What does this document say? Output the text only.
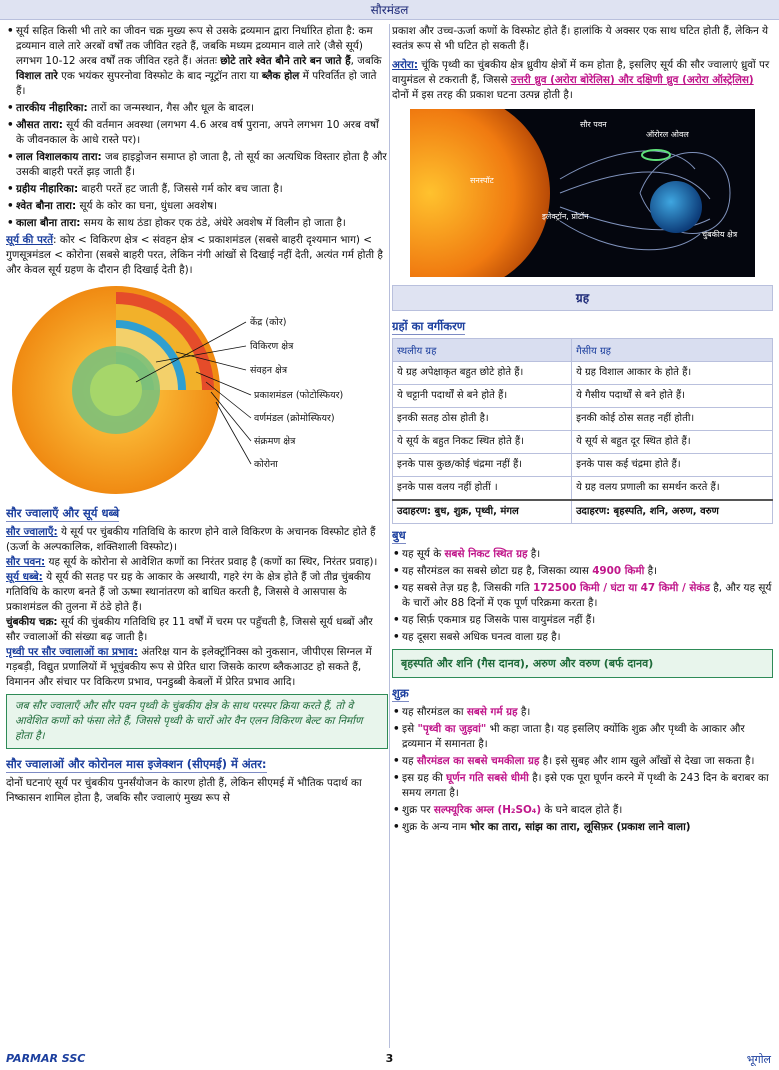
सौरमंडल
• सूर्य सहित किसी भी तारे का जीवन चक्र मुख्य रूप से उसके द्रव्यमान द्वारा निर्धारित होता है: कम द्रव्यमान वाले तारे अरबों वर्षों तक जीवित रहते हैं, जबकि मध्यम द्रव्यमान वाले तारे (जैसे सूर्य) लगभग 10-12 अरब वर्षों तक जीवित रहते हैं। अंततः छोटे तारे श्वेत बौने तारे बन जाते हैं, जबकि विशाल तारे एक भयंकर सुपरनोवा विस्फोट के बाद न्यूट्रॉन तारा या ब्लैक होल में परिवर्तित हो जाते हैं।
• तारकीय नीहारिका: तारों का जन्मस्थान, गैस और धूल के बादल।
• औसत तारा: सूर्य की वर्तमान अवस्था (लगभग 4.6 अरब वर्ष पुराना, अपने लगभग 10 अरब वर्षों के जीवनकाल के आधे रास्ते पर)।
• लाल विशालकाय तारा: जब हाइड्रोजन समाप्त हो जाता है, तो सूर्य का अत्यधिक विस्तार होता है और उसकी बाहरी परतें झड़ जाती हैं।
• ग्रहीय नीहारिका: बाहरी परतें हट जाती हैं, जिससे गर्म कोर बच जाता है।
• श्वेत बौना तारा: सूर्य के कोर का घना, धुंधला अवशेष।
• काला बौना तारा: समय के साथ ठंडा होकर एक ठंडे, अंधेरे अवशेष में विलीन हो जाता है।

सूर्य की परतें: कोर < विकिरण क्षेत्र < संवहन क्षेत्र < प्रकाशमंडल (सबसे बाहरी दृश्यमान भाग) < गुणसूत्रमंडल < कोरोना (सबसे बाहरी परत, लेकिन नंगी आंखों से दिखाई नहीं देती, अत्यंत गर्म होती है और केवल सूर्य ग्रहण के दौरान ही दिखाई देती है)।

केंद्र (कोर)
विकिरण क्षेत्र
संवहन क्षेत्र
प्रकाशमंडल (फोटोस्फियर)
वर्णमंडल (क्रोमोस्फियर)
संक्रमण क्षेत्र
कोरोना
सौर ज्वालाएँ और सूर्य धब्बे

सौर ज्वालाएँ: ये सूर्य पर चुंबकीय गतिविधि के कारण होने वाले विकिरण के अचानक विस्फोट होते हैं (ऊर्जा के अल्पकालिक, शक्तिशाली विस्फोट)।

सौर पवन: यह सूर्य के कोरोना से आवेशित कणों का निरंतर प्रवाह है (कणों का स्थिर, निरंतर प्रवाह)।

सूर्य धब्बे: ये सूर्य की सतह पर ग्रह के आकार के अस्थायी, गहरे रंग के क्षेत्र होते हैं जो तीव्र चुंबकीय गतिविधि के कारण बनते हैं जो ऊष्मा स्थानांतरण को बाधित करती है, जिससे वे आसपास के प्रकाशमंडल की तुलना में ठंडे होते हैं।

चुंबकीय चक्र: सूर्य की चुंबकीय गतिविधि हर 11 वर्षों में चरम पर पहुँचती है, जिससे सूर्य धब्बों और सौर ज्वालाओं की संख्या बढ़ जाती है।

पृथ्वी पर सौर ज्वालाओं का प्रभाव: अंतरिक्ष यान के इलेक्ट्रॉनिक्स को नुकसान, जीपीएस सिग्नल में गड़बड़ी, विद्युत प्रणालियों में भूचुंबकीय रूप से प्रेरित धारा जिसके कारण ब्लैकआउट हो सकते हैं, विमानन और संचार पर विकिरण प्रभाव, पनडुब्बी केबलों में प्रेरित प्रभाव आदि।

जब सौर ज्वालाएँ और सौर पवन पृथ्वी के चुंबकीय क्षेत्र के साथ परस्पर क्रिया करते हैं, तो वे आवेशित कणों को फंसा लेते हैं, जिससे पृथ्वी के चारों ओर वैन एलन विकिरण बेल्ट का निर्माण होता है।
सौर ज्वालाओं और कोरोनल मास इजेक्शन (सीएमई) में अंतर:

दोनों घटनाएं सूर्य पर चुंबकीय पुनर्संयोजन के कारण होती हैं, लेकिन सीएमई में भौतिक पदार्थ का निष्कासन शामिल होता है, जबकि सौर ज्वालाएं मुख्य रूप से

प्रकाश और उच्च-ऊर्जा कणों के विस्फोट होते हैं। हालांकि ये अक्सर एक साथ घटित होती हैं, लेकिन ये स्वतंत्र रूप से भी घटित हो सकती हैं।

अरोरा: चूंकि पृथ्वी का चुंबकीय क्षेत्र ध्रुवीय क्षेत्रों में कम होता है, इसलिए सूर्य की सौर ज्वालाएं ध्रुवों पर वायुमंडल से टकराती हैं, जिससे उत्तरी ध्रुव (अरोरा बोरेलिस) और दक्षिणी ध्रुव (अरोरा ऑस्ट्रेलिस) दोनों में इस तरह की प्रकाश घटना उत्पन्न होती है।

सौर पवन
सनस्पॉट
इलेक्ट्रॉन, प्रोटॉन
ऑरोरल ओवल
चुंबकीय क्षेत्र
ग्रह
ग्रहों का वर्गीकरण
स्थलीय ग्रह	गैसीय ग्रह
ये ग्रह अपेक्षाकृत बहुत छोटे होते हैं।	ये ग्रह विशाल आकार के होते हैं।
ये चट्टानी पदार्थों से बने होते हैं।	ये गैसीय पदार्थों से बने होते हैं।
इनकी सतह ठोस होती है।	इनकी कोई ठोस सतह नहीं होती।
ये सूर्य के बहुत निकट स्थित होते हैं।	ये सूर्य से बहुत दूर स्थित होते हैं।
इनके पास कुछ/कोई चंद्रमा नहीं हैं।	इनके पास कई चंद्रमा होते हैं।
इनके पास वलय नहीं होतीं ।	ये ग्रह वलय प्रणाली का समर्थन करते हैं।
उदाहरण: बुध, शुक्र, पृथ्वी, मंगल	उदाहरण: बृहस्पति, शनि, अरुण, वरुण
बुध
• यह सूर्य के सबसे निकट स्थित ग्रह है।
• यह सौरमंडल का सबसे छोटा ग्रह है, जिसका व्यास 4900 किमी है।
• यह सबसे तेज़ ग्रह है, जिसकी गति 172500 किमी / घंटा या 47 किमी / सेकंड है, और यह सूर्य के चारों ओर 88 दिनों में एक पूर्ण परिक्रमा करता है।
• यह सिर्फ़ एकमात्र ग्रह जिसके पास वायुमंडल नहीं हैं।
• यह दूसरा सबसे अधिक घनत्व वाला ग्रह है।
बृहस्पति और शनि (गैस दानव), अरुण और वरुण (बर्फ दानव)
शुक्र
• यह सौरमंडल का सबसे गर्म ग्रह है।
• इसे "पृथ्वी का जुड़वां" भी कहा जाता है। यह इसलिए क्योंकि शुक्र और पृथ्वी के आकार और द्रव्यमान में समानता है।
• यह सौरमंडल का सबसे चमकीला ग्रह है। इसे सुबह और शाम खुले आँखों से देखा जा सकता है।
• इस ग्रह की घूर्णन गति सबसे धीमी है। इसे एक पूरा घूर्णन करने में पृथ्वी के 243 दिन के बराबर का समय लगता है।
• शुक्र पर सल्फ्यूरिक अम्ल (H₂SO₄) के घने बादल होते हैं।
• शुक्र के अन्य नाम भोर का तारा, सांझ का तारा, लूसिफ़र (प्रकाश लाने वाला)
PARMAR SSC	3	भूगोल
